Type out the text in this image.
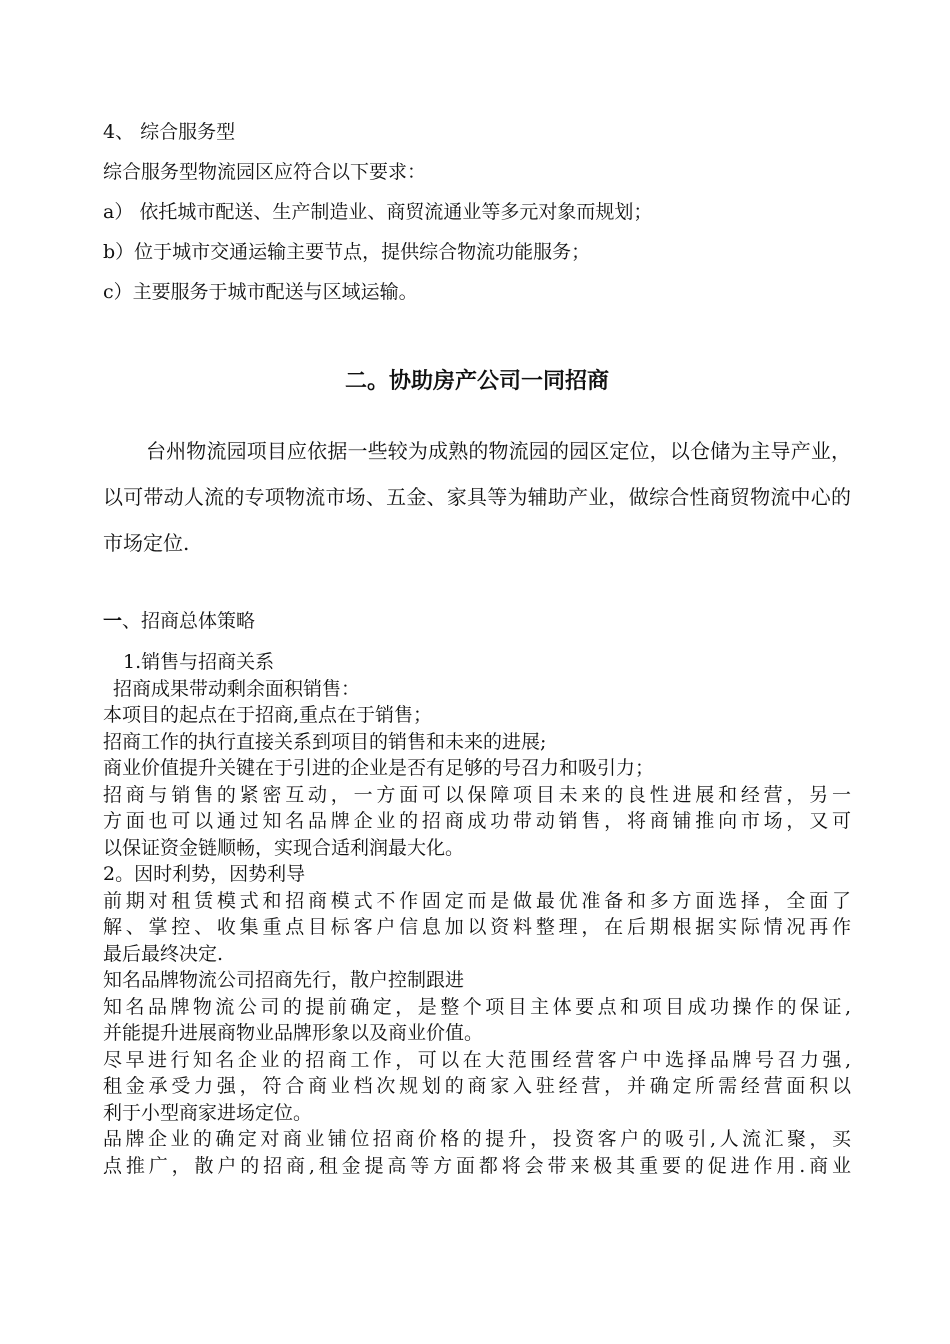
4、 综合服务型
综合服务型物流园区应符合以下要求：
a） 依托城市配送、生产制造业、商贸流通业等多元对象而规划；
b）位于城市交通运输主要节点，提供综合物流功能服务；
c）主要服务于城市配送与区域运输。
二。协助房产公司一同招商
台州物流园项目应依据一些较为成熟的物流园的园区定位，以仓储为主导产业，以可带动人流的专项物流市场、五金、家具等为辅助产业，做综合性商贸物流中心的市场定位.
一、招商总体策略
1.销售与招商关系
招商成果带动剩余面积销售：
本项目的起点在于招商,重点在于销售；
招商工作的执行直接关系到项目的销售和未来的进展;
商业价值提升关键在于引进的企业是否有足够的号召力和吸引力；
招商与销售的紧密互动，一方面可以保障项目未来的良性进展和经营，另一
方面也可以通过知名品牌企业的招商成功带动销售，将商铺推向市场，又可
以保证资金链顺畅，实现合适利润最大化。
2。因时利势，因势利导
前期对租赁模式和招商模式不作固定而是做最优准备和多方面选择，全面了
解、掌控、收集重点目标客户信息加以资料整理，在后期根据实际情况再作
最后最终决定.
知名品牌物流公司招商先行，散户控制跟进
知名品牌物流公司的提前确定，是整个项目主体要点和项目成功操作的保证,
并能提升进展商物业品牌形象以及商业价值。
尽早进行知名企业的招商工作，可以在大范围经营客户中选择品牌号召力强,
租金承受力强，符合商业档次规划的商家入驻经营，并确定所需经营面积以
利于小型商家进场定位。
品牌企业的确定对商业铺位招商价格的提升，投资客户的吸引,人流汇聚，买
点推广，散户的招商,租金提高等方面都将会带来极其重要的促进作用.商业
